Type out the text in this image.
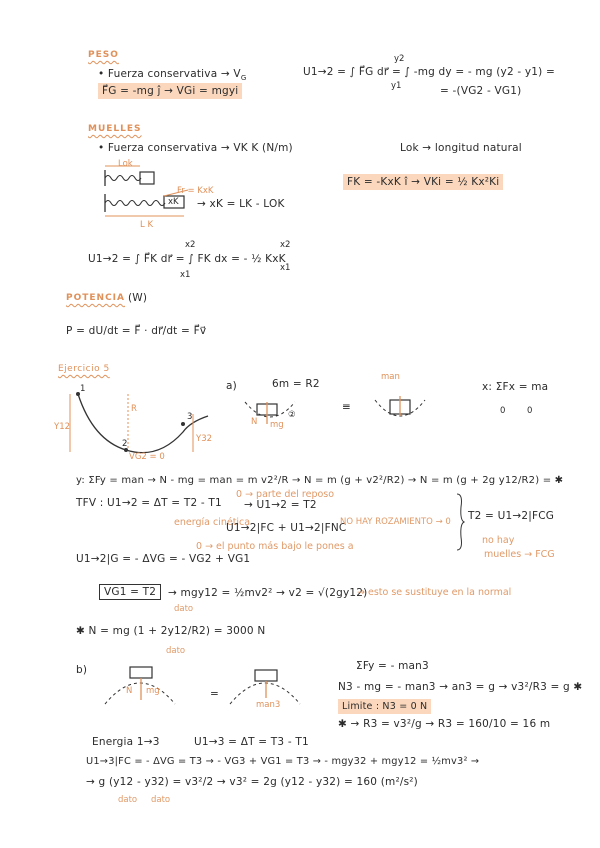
PESO
• Fuerza conservativa → $V_G$
F⃗G = -mg ĵ → VGi = mgyi
U1→2 = ∫ F⃗G dr⃗ = ∫ -mg dy = - mg (y2 - y1) =
y2
y1	= -(VG2 - VG1)
MUELLES
• Fuerza conservativa → VK K (N/m)	Lok → longitud natural
FK = -KxK î → VKi = ½ Kx²Ki
Lok
Fr = KxK
xK → xK = LK - LOK
L K
U1→2 = ∫ F⃗K dr⃗ = ∫ FK dx = - ½ KxK
x2
x1
x2
x1
POTENCIA (W)
P = dU/dt = F⃗ · dr⃗/dt = F⃗v⃗
Ejercicio 5
1
2
3
Y12
Y32
VG2 = 0
R
a)	6m = R2
N mg
②
≡
man
x: ΣFx = ma
0	0
y: ΣFy = man → N - mg = man = m v2²/R → N = m (g + v2²/R2) → N = m (g + 2g y12/R2) = ✱
TFV : U1→2 = ΔT = T2 - T1
0 → parte del reposo
→ U1→2 = T2
energía cinética
U1→2|FC + U1→2|FNC
NO HAY ROZAMIENTO → 0 T2 = U1→2|FCG
no hay
muelles → FCG
U1→2|G = - ΔVG = - VG2 + VG1
0 → el punto más bajo le pones a
VG1 = T2	→ mgy12 = ½mv2² → v2 = √(2gy12)
→ esto se sustituye en la normal
dato
✱ N = mg (1 + 2y12/R2) = 3000 N
dato
b)
N mg	=
man3
ΣFy = - man3
N3 - mg = - man3 → an3 = g → v3²/R3 = g ✱
Limite : N3 = 0 N
✱ → R3 = v3²/g → R3 = 160/10 = 16 m
Energia 1→3	U1→3 = ΔT = T3 - T1
U1→3|FC = - ΔVG = T3 → - VG3 + VG1 = T3 → - mgy32 + mgy12 = ½mv3² →
→ g (y12 - y32) = v3²/2 → v3² = 2g (y12 - y32) = 160 (m²/s²)
dato dato
